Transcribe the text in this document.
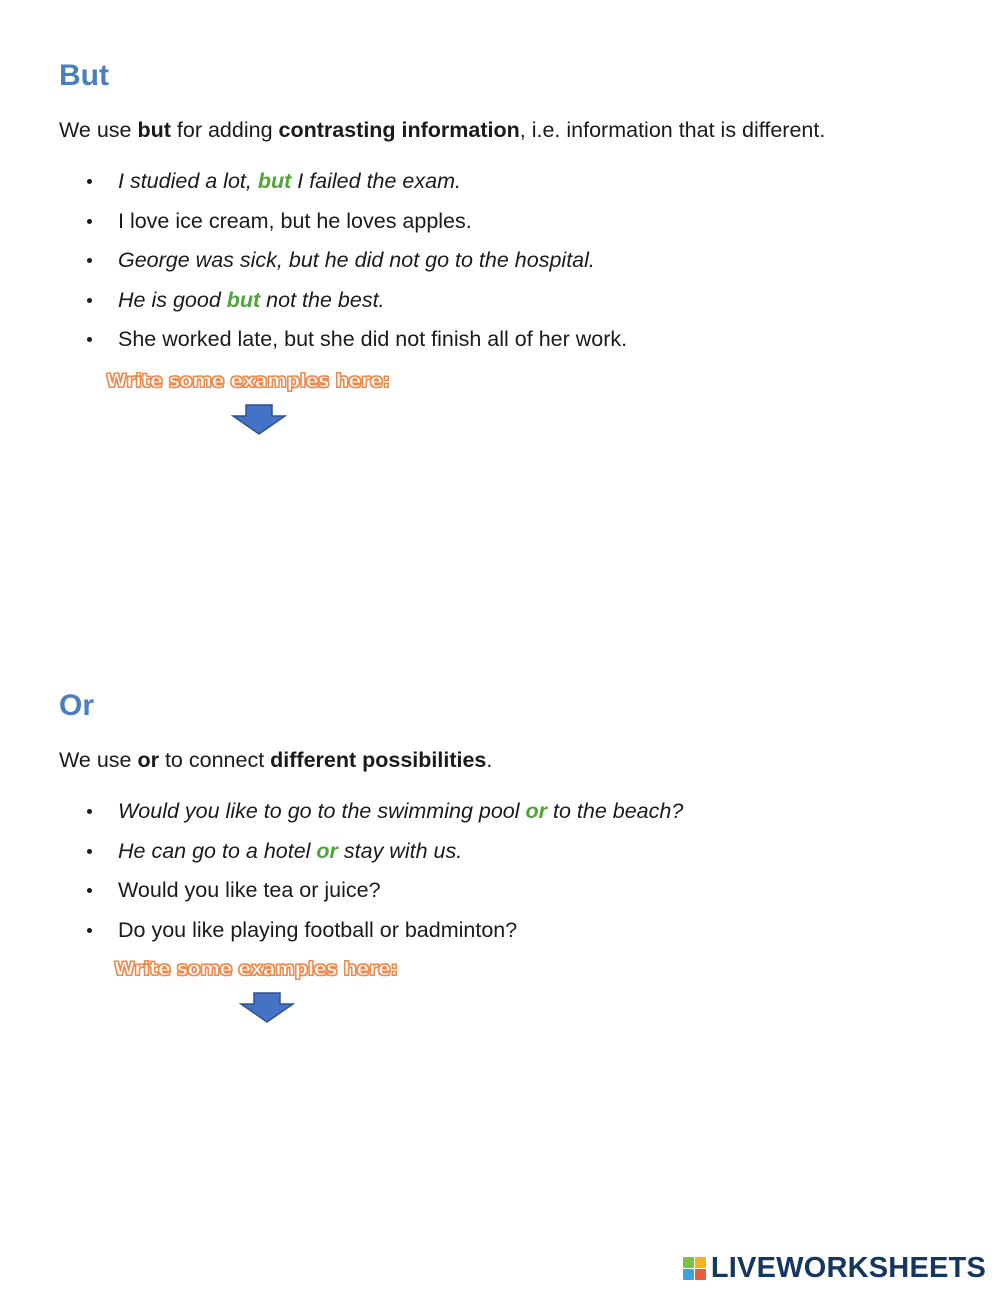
But

We use but for adding contrasting information, i.e. information that is different.

I studied a lot, but I failed the exam.
I love ice cream, but he loves apples.
George was sick, but he did not go to the hospital.
He is good but not the best.
She worked late, but she did not finish all of her work.
Write some examples here:
Or

We use or to connect different possibilities.

Would you like to go to the swimming pool or to the beach?
He can go to a hotel or stay with us.
Would you like tea or juice?
Do you like playing football or badminton?
Write some examples here:
LIVEWORKSHEETS
